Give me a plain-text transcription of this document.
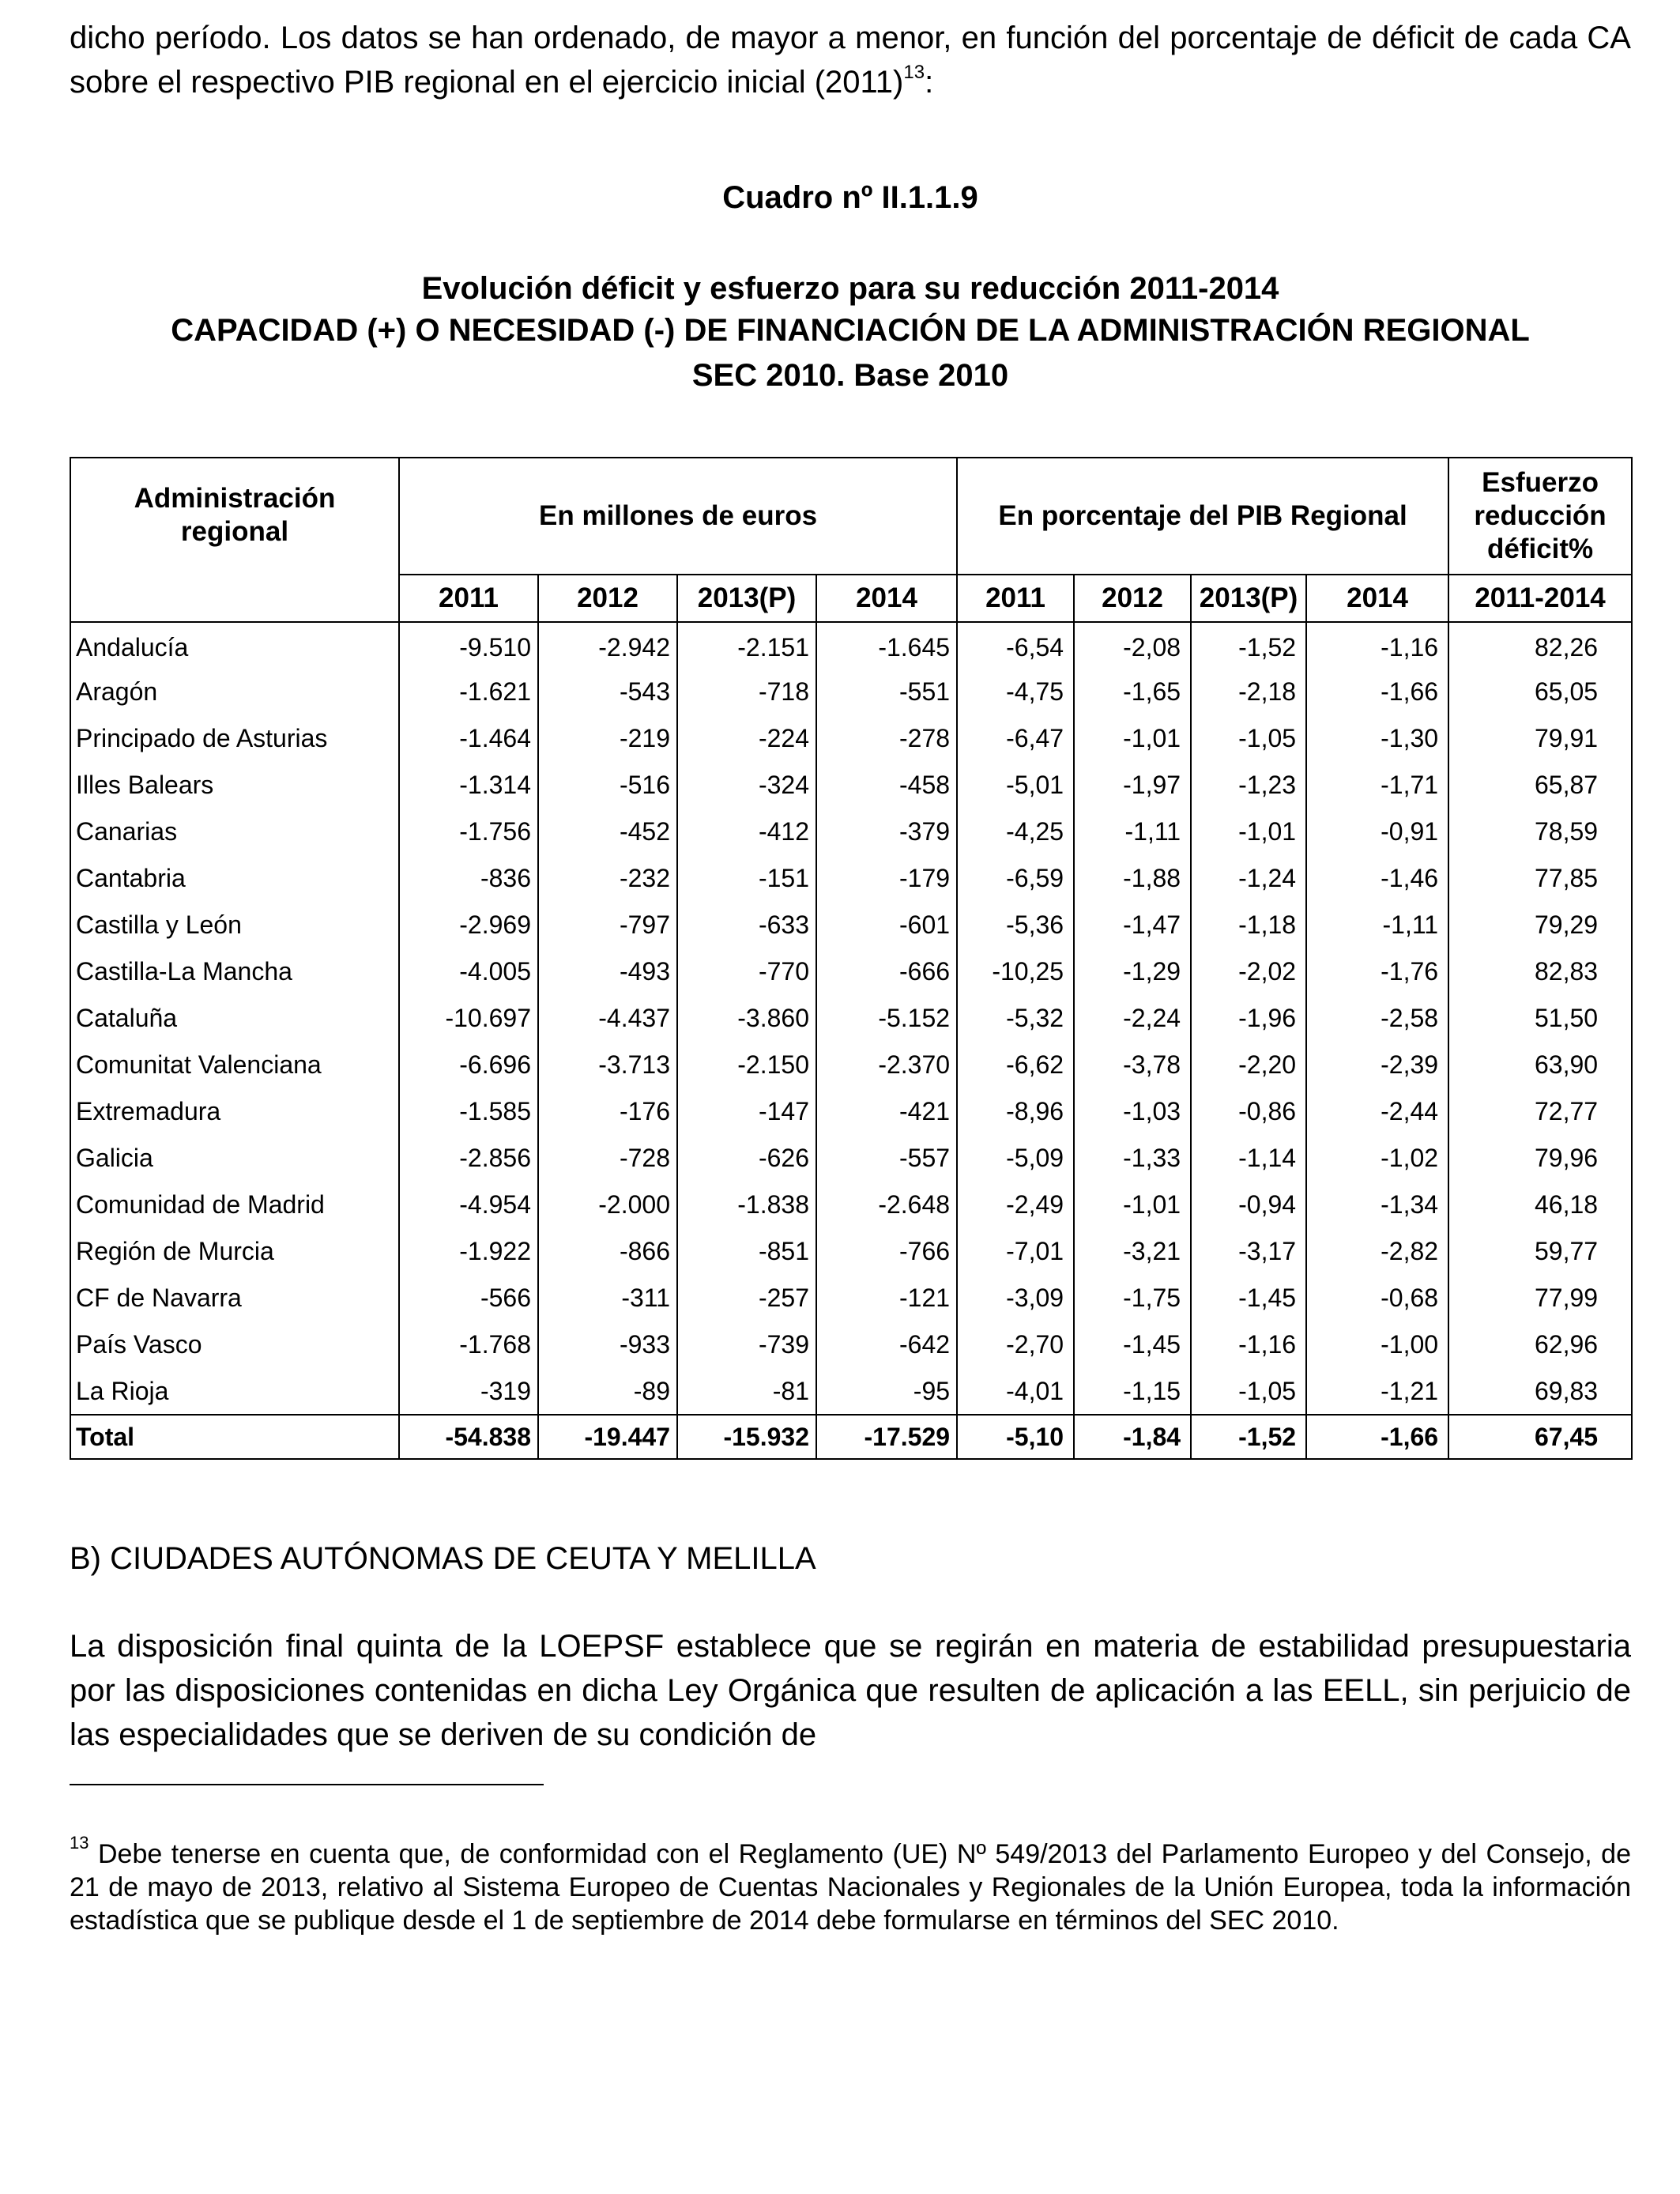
dicho período. Los datos se han ordenado, de mayor a menor, en función del porcentaje de déficit de cada CA sobre el respectivo PIB regional en el ejercicio inicial $(2011)^{13}$:

Cuadro nº II.1.1.9
Evolución déficit y esfuerzo para su reducción 2011-2014
CAPACIDAD (+) O NECESIDAD (-) DE FINANCIACIÓN DE LA ADMINISTRACIÓN REGIONAL
SEC 2010. Base 2010
Administración regional	En millones de euros				En porcentaje del PIB Regional				Esfuerzo reducción déficit%
	2011	2012	2013(P)	2014	2011	2012	2013(P)	2014	2011-2014
Andalucía	-9.510	-2.942	-2.151	-1.645	-6,54	-2,08	-1,52	-1,16	82,26
Aragón	-1.621	-543	-718	-551	-4,75	-1,65	-2,18	-1,66	65,05
Principado de Asturias	-1.464	-219	-224	-278	-6,47	-1,01	-1,05	-1,30	79,91
Illes Balears	-1.314	-516	-324	-458	-5,01	-1,97	-1,23	-1,71	65,87
Canarias	-1.756	-452	-412	-379	-4,25	-1,11	-1,01	-0,91	78,59
Cantabria	-836	-232	-151	-179	-6,59	-1,88	-1,24	-1,46	77,85
Castilla y León	-2.969	-797	-633	-601	-5,36	-1,47	-1,18	-1,11	79,29
Castilla-La Mancha	-4.005	-493	-770	-666	-10,25	-1,29	-2,02	-1,76	82,83
Cataluña	-10.697	-4.437	-3.860	-5.152	-5,32	-2,24	-1,96	-2,58	51,50
Comunitat Valenciana	-6.696	-3.713	-2.150	-2.370	-6,62	-3,78	-2,20	-2,39	63,90
Extremadura	-1.585	-176	-147	-421	-8,96	-1,03	-0,86	-2,44	72,77
Galicia	-2.856	-728	-626	-557	-5,09	-1,33	-1,14	-1,02	79,96
Comunidad de Madrid	-4.954	-2.000	-1.838	-2.648	-2,49	-1,01	-0,94	-1,34	46,18
Región de Murcia	-1.922	-866	-851	-766	-7,01	-3,21	-3,17	-2,82	59,77
CF de Navarra	-566	-311	-257	-121	-3,09	-1,75	-1,45	-0,68	77,99
País Vasco	-1.768	-933	-739	-642	-2,70	-1,45	-1,16	-1,00	62,96
La Rioja	-319	-89	-81	-95	-4,01	-1,15	-1,05	-1,21	69,83
Total	-54.838	-19.447	-15.932	-17.529	-5,10	-1,84	-1,52	-1,66	67,45

B) CIUDADES AUTÓNOMAS DE CEUTA Y MELILLA

La disposición final quinta de la LOEPSF establece que se regirán en materia de estabilidad presupuestaria por las disposiciones contenidas en dicha Ley Orgánica que resulten de aplicación a las EELL, sin perjuicio de las especialidades que se deriven de su condición de

$^{13}$ Debe tenerse en cuenta que, de conformidad con el Reglamento (UE) Nº 549/2013 del Parlamento Europeo y del Consejo, de 21 de mayo de 2013, relativo al Sistema Europeo de Cuentas Nacionales y Regionales de la Unión Europea, toda la información estadística que se publique desde el 1 de septiembre de 2014 debe formularse en términos del SEC 2010.
